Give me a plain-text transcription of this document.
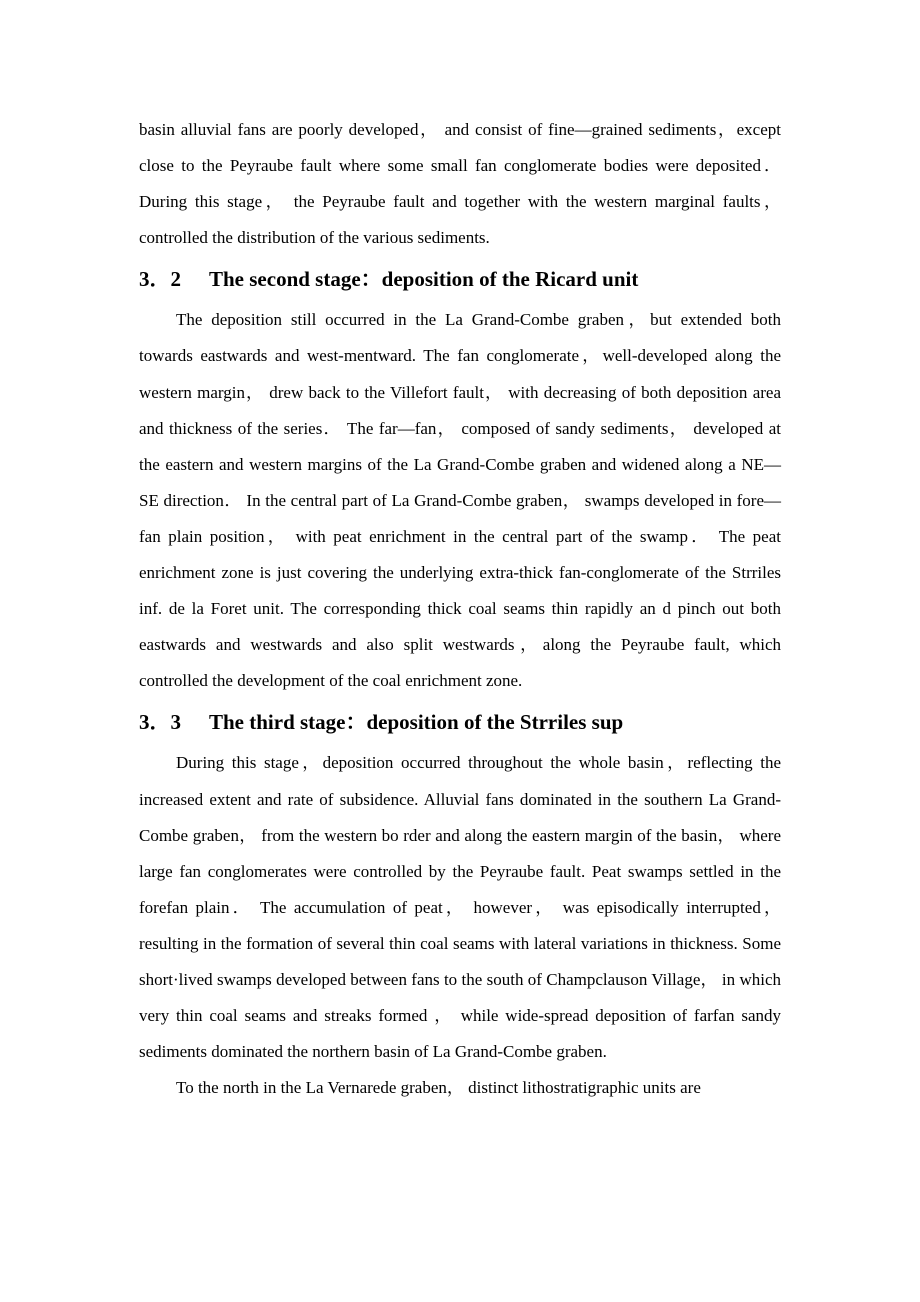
basin alluvial fans are poorly developed， and consist of fine—grained sediments，except close to the Peyraube fault where some small fan conglomerate bodies were deposited． During this stage， the Peyraube fault and together with the western marginal faults，controlled the distribution of the various sediments.

3．2 The second stage：deposition of the Ricard unit

The deposition still occurred in the La Grand-Combe graben，but extended both towards eastwards and west-mentward. The fan conglomerate，well-developed along the western margin， drew back to the Villefort fault， with decreasing of both deposition area and thickness of the series． The far—fan， composed of sandy sediments， developed at the eastern and western margins of the La Grand-Combe graben and widened along a NE—SE direction． In the central part of La Grand-Combe graben， swamps developed in fore—fan plain position， with peat enrichment in the central part of the swamp． The peat enrichment zone is just covering the underlying extra-thick fan-conglomerate of the Strriles inf. de la Foret unit. The corresponding thick coal seams thin rapidly an d pinch out both eastwards and westwards and also split westwards，along the Peyraube fault, which controlled the development of the coal enrichment zone.

3．3 The third stage：deposition of the Strriles sup

During this stage，deposition occurred throughout the whole basin，reflecting the increased extent and rate of subsidence. Alluvial fans dominated in the southern La Grand-Combe graben， from the western bo rder and along the eastern margin of the basin， where large fan conglomerates were controlled by the Peyraube fault. Peat swamps settled in the forefan plain． The accumulation of peat， however， was episodically interrupted， resulting in the formation of several thin coal seams with lateral variations in thickness. Some short·lived swamps developed between fans to the south of Champclauson Village， in which very thin coal seams and streaks formed ， while wide-spread deposition of farfan sandy sediments dominated the northern basin of La Grand-Combe graben.

To the north in the La Vernarede graben， distinct lithostratigraphic units are
